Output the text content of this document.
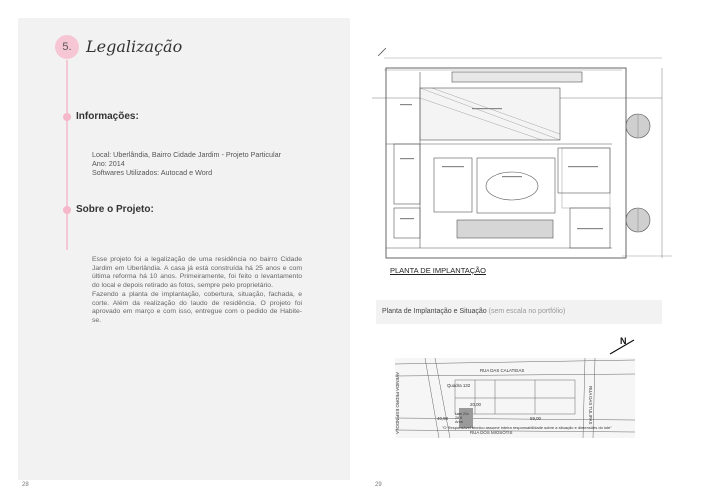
5. Legalização
Informações:
Local: Uberlândia, Bairro Cidade Jardim - Projeto Particular
Ano: 2014
Softwares Utilizados: Autocad e Word
Sobre o Projeto:
Esse projeto foi a legalização de uma residência no bairro Cidade Jardim em Uberlândia. A casa já está construída há 25 anos e com última reforma há 10 anos. Primeiramente, foi feito o levantamento do local e depois retirado as fotos, sempre pelo proprietário.
Fazendo a planta de implantação, cobertura, situação, fachada, e corte. Além da realização do laudo de residência. O projeto foi aprovado em março e com isso, entregue com o pedido de Habite-se.
28	29
PLANTA DE IMPLANTAÇÃO
Planta de Implantação e Situação (sem escala no portfólio)
N
RUA DAS CALATEIAS
RUA DOS MIOSÓTIS
RUA DAS TULIPAS
AVENIDA PEDRO ESPINDOLA	Quadra 132
Lote 21x 29 8 Area
20,00
40,98	59,00
"O Responsável técnico assume inteira responsabilidade sobre a situação e dimensões do lote"
